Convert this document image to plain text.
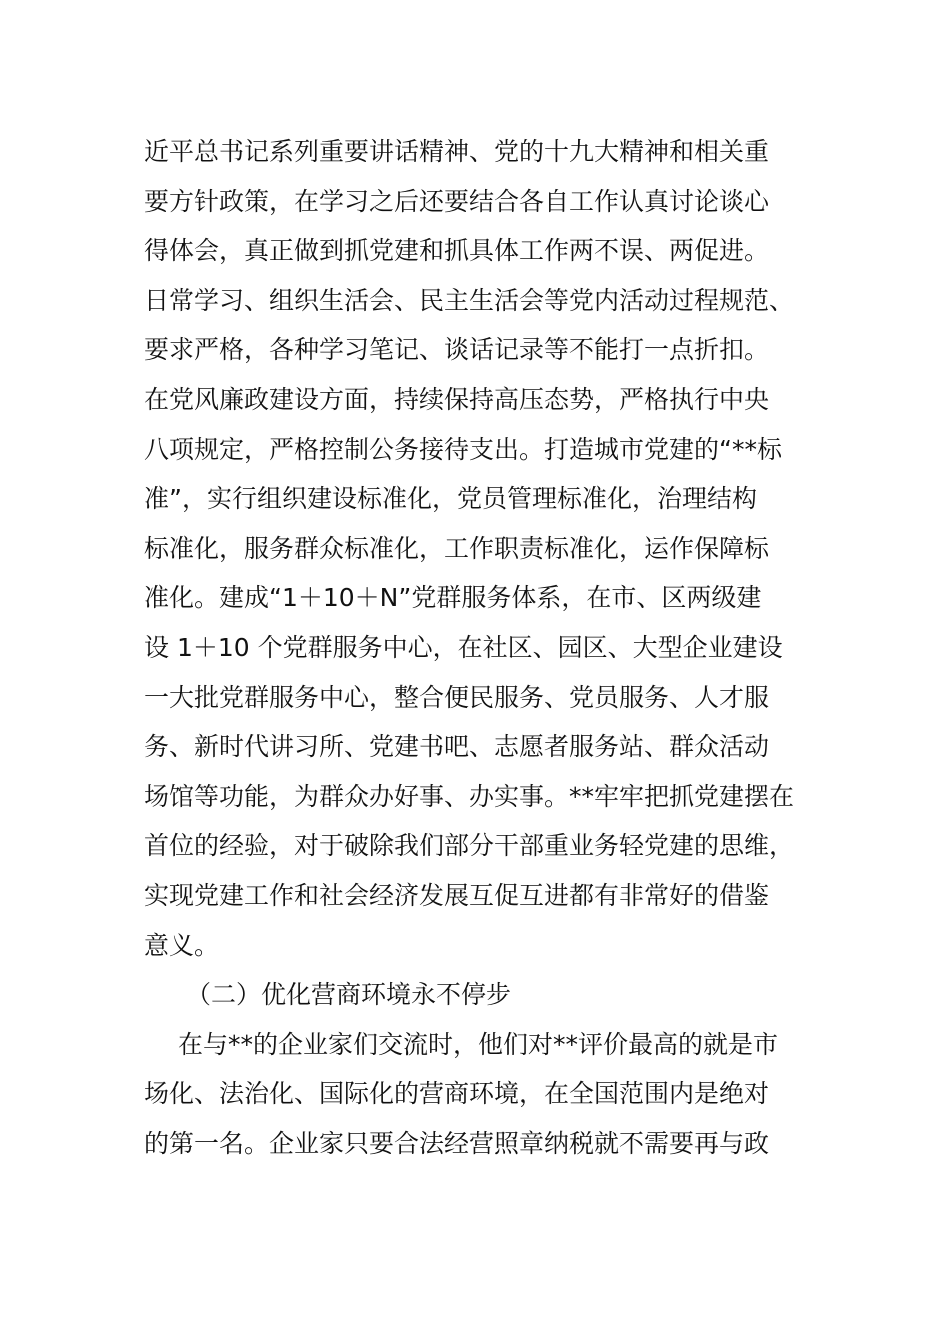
近平总书记系列重要讲话精神、党的十九大精神和相关重
要方针政策，在学习之后还要结合各自工作认真讨论谈心
得体会，真正做到抓党建和抓具体工作两不误、两促进。
日常学习、组织生活会、民主生活会等党内活动过程规范、
要求严格，各种学习笔记、谈话记录等不能打一点折扣。
在党风廉政建设方面，持续保持高压态势，严格执行中央
八项规定，严格控制公务接待支出。打造城市党建的“**标
准”，实行组织建设标准化，党员管理标准化，治理结构
标准化，服务群众标准化，工作职责标准化，运作保障标
准化。建成“1＋10＋N”党群服务体系，在市、区两级建
设 1＋10 个党群服务中心，在社区、园区、大型企业建设
一大批党群服务中心，整合便民服务、党员服务、人才服
务、新时代讲习所、党建书吧、志愿者服务站、群众活动
场馆等功能，为群众办好事、办实事。**牢牢把抓党建摆在
首位的经验，对于破除我们部分干部重业务轻党建的思维，
实现党建工作和社会经济发展互促互进都有非常好的借鉴
意义。
（二）优化营商环境永不停步
在与**的企业家们交流时，他们对**评价最高的就是市
场化、法治化、国际化的营商环境，在全国范围内是绝对
的第一名。企业家只要合法经营照章纳税就不需要再与政
